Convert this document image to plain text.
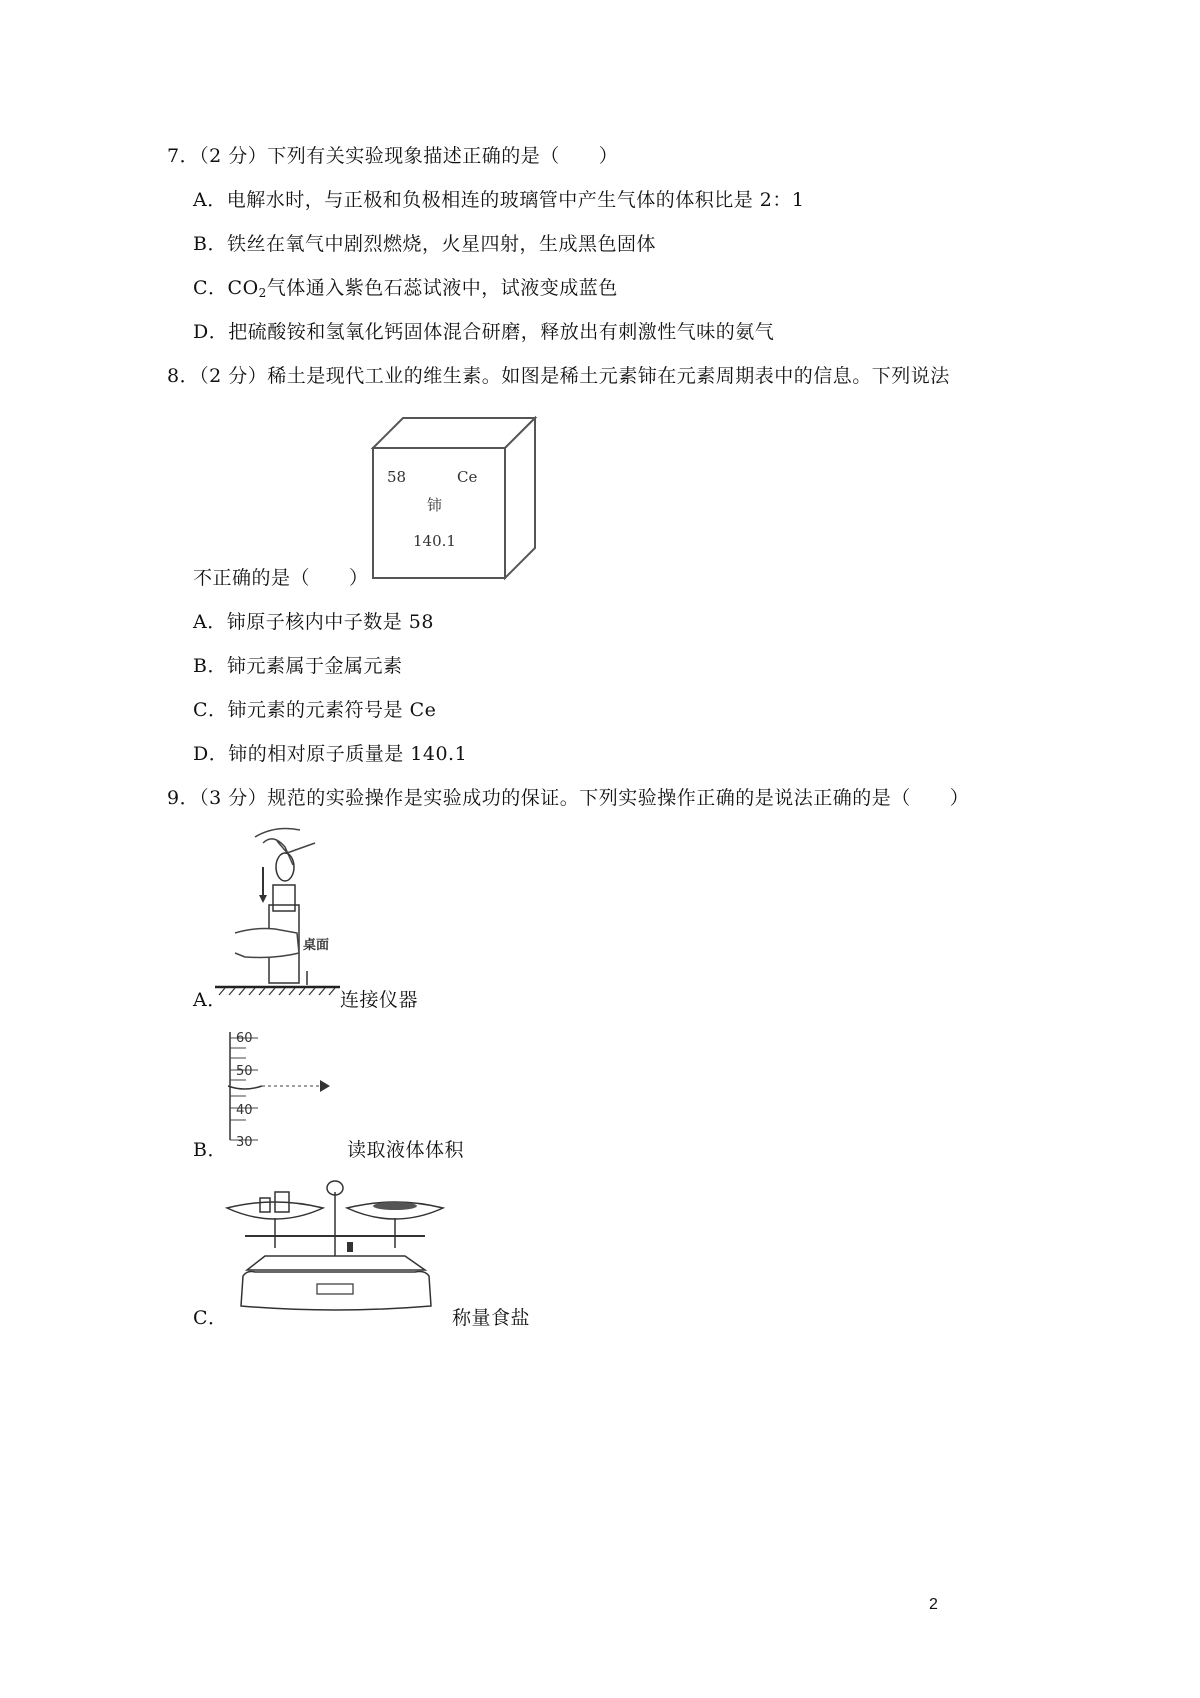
7．（2 分）下列有关实验现象描述正确的是（　　）
A．电解水时，与正极和负极相连的玻璃管中产生气体的体积比是 2：1
B．铁丝在氧气中剧烈燃烧，火星四射，生成黑色固体
C．$CO_2$气体通入紫色石蕊试液中，试液变成蓝色
D．把硫酸铵和氢氧化钙固体混合研磨，释放出有刺激性气味的氨气
8．（2 分）稀土是现代工业的维生素。如图是稀土元素铈在元素周期表中的信息。下列说法
58	Ce
铈
140.1
不正确的是（　　）
A．铈原子核内中子数是 58
B．铈元素属于金属元素
C．铈元素的元素符号是 Ce
D．铈的相对原子质量是 140.1
9．（3 分）规范的实验操作是实验成功的保证。下列实验操作正确的是说法正确的是（　　）
桌面
A．	连接仪器
60
50
40
30
B．	读取液体体积
C．	称量食盐
2
